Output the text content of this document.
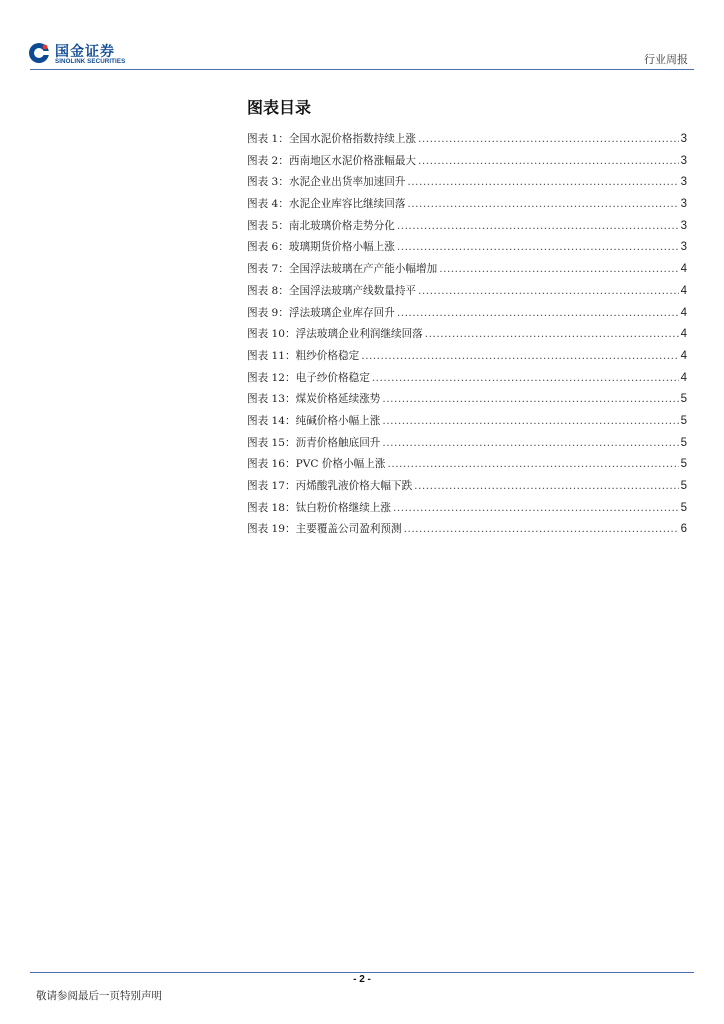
国金证券
SINOLINK SECURITIES	行业周报
图表目录
图表 1：全国水泥价格指数持续上涨 .....	3
图表 2：西南地区水泥价格涨幅最大 .....	3
图表 3：水泥企业出货率加速回升 .....	3
图表 4：水泥企业库容比继续回落 .....	3
图表 5：南北玻璃价格走势分化 .....	3
图表 6：玻璃期货价格小幅上涨 .....	3
图表 7：全国浮法玻璃在产产能小幅增加 .....	4
图表 8：全国浮法玻璃产线数量持平 .....	4
图表 9：浮法玻璃企业库存回升 .....	4
图表 10：浮法玻璃企业利润继续回落 .....	4
图表 11：粗纱价格稳定 .....	4
图表 12：电子纱价格稳定 .....	4
图表 13：煤炭价格延续涨势 .....	5
图表 14：纯碱价格小幅上涨 .....	5
图表 15：沥青价格触底回升 .....	5
图表 16：PVC 价格小幅上涨 .....	5
图表 17：丙烯酸乳液价格大幅下跌 .....	5
图表 18：钛白粉价格继续上涨 .....	5
图表 19：主要覆盖公司盈利预测 .....	6
- 2 -
敬请参阅最后一页特别声明
